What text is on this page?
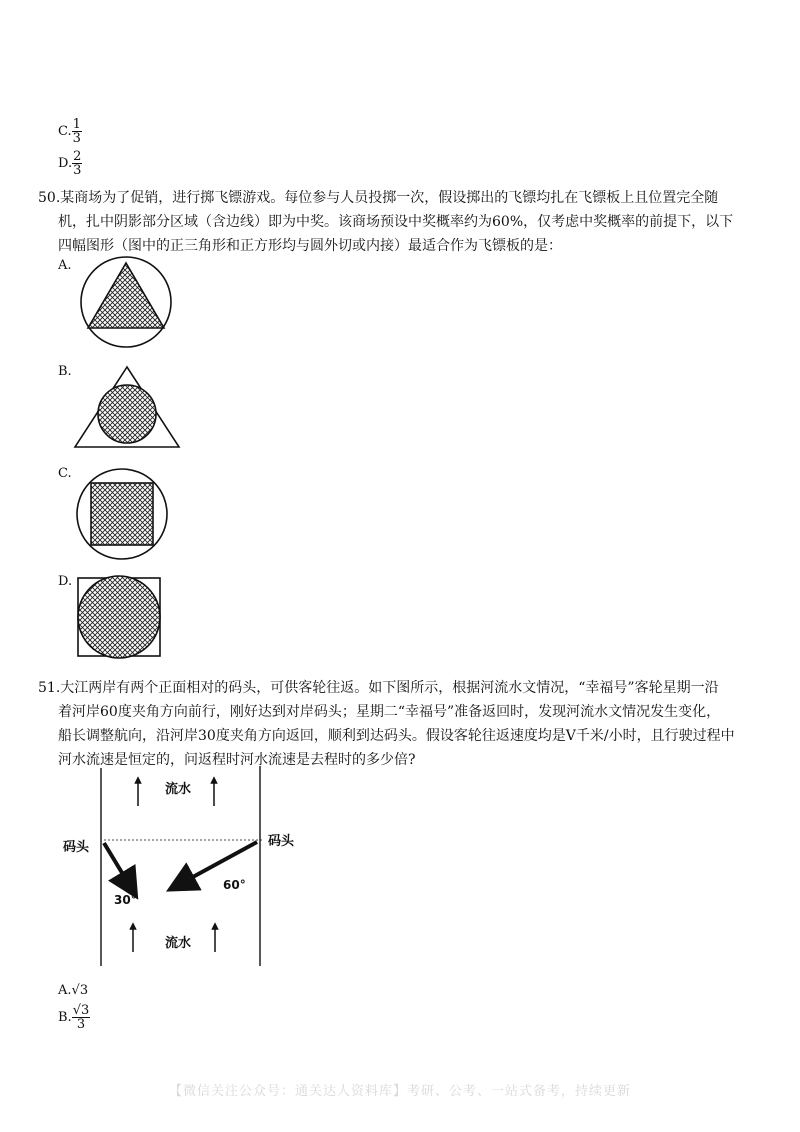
C. $\frac{1}{3}$
D. $\frac{2}{3}$
50.某商场为了促销，进行掷飞镖游戏。每位参与人员投掷一次，假设掷出的飞镖均扎在飞镖板上且位置完全随
机，扎中阴影部分区域（含边线）即为中奖。该商场预设中奖概率约为60%，仅考虑中奖概率的前提下，以下
四幅图形（图中的正三角形和正方形均与圆外切或内接）最适合作为飞镖板的是：
A.
B.
C.
D.
51.大江两岸有两个正面相对的码头，可供客轮往返。如下图所示，根据河流水文情况，“幸福号”客轮星期一沿
着河岸60度夹角方向前行，刚好达到对岸码头；星期二“幸福号”准备返回时，发现河流水文情况发生变化，
船长调整航向，沿河岸30度夹角方向返回，顺利到达码头。假设客轮往返速度均是V千米/小时，且行驶过程中
河水流速是恒定的，问返程时河水流速是去程时的多少倍?
流水
流水
码头	码头
30°
60°
A.√3
B. $\frac{√3}{3}$
【微信关注公众号：通关达人资料库】考研、公考、一站式备考，持续更新
